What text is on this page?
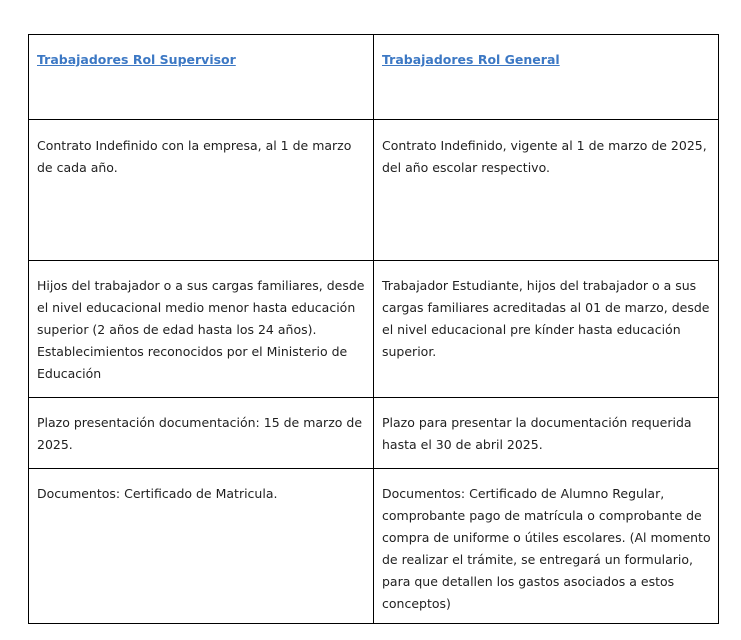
Trabajadores Rol Supervisor	Trabajadores Rol General
Contrato Indefinido con la empresa, al 1 de marzo de cada año.	Contrato Indefinido, vigente al 1 de marzo de 2025, del año escolar respectivo.
Hijos del trabajador o a sus cargas familiares, desde el nivel educacional medio menor hasta educación superior (2 años de edad hasta los 24 años). Establecimientos reconocidos por el Ministerio de Educación	Trabajador Estudiante, hijos del trabajador o a sus cargas familiares acreditadas al 01 de marzo, desde el nivel educacional pre kínder hasta educación superior.
Plazo presentación documentación: 15 de marzo de 2025.	Plazo para presentar la documentación requerida hasta el 30 de abril 2025.
Documentos: Certificado de Matricula.	Documentos: Certificado de Alumno Regular, comprobante pago de matrícula o comprobante de compra de uniforme o útiles escolares. (Al momento de realizar el trámite, se entregará un formulario, para que detallen los gastos asociados a estos conceptos)
